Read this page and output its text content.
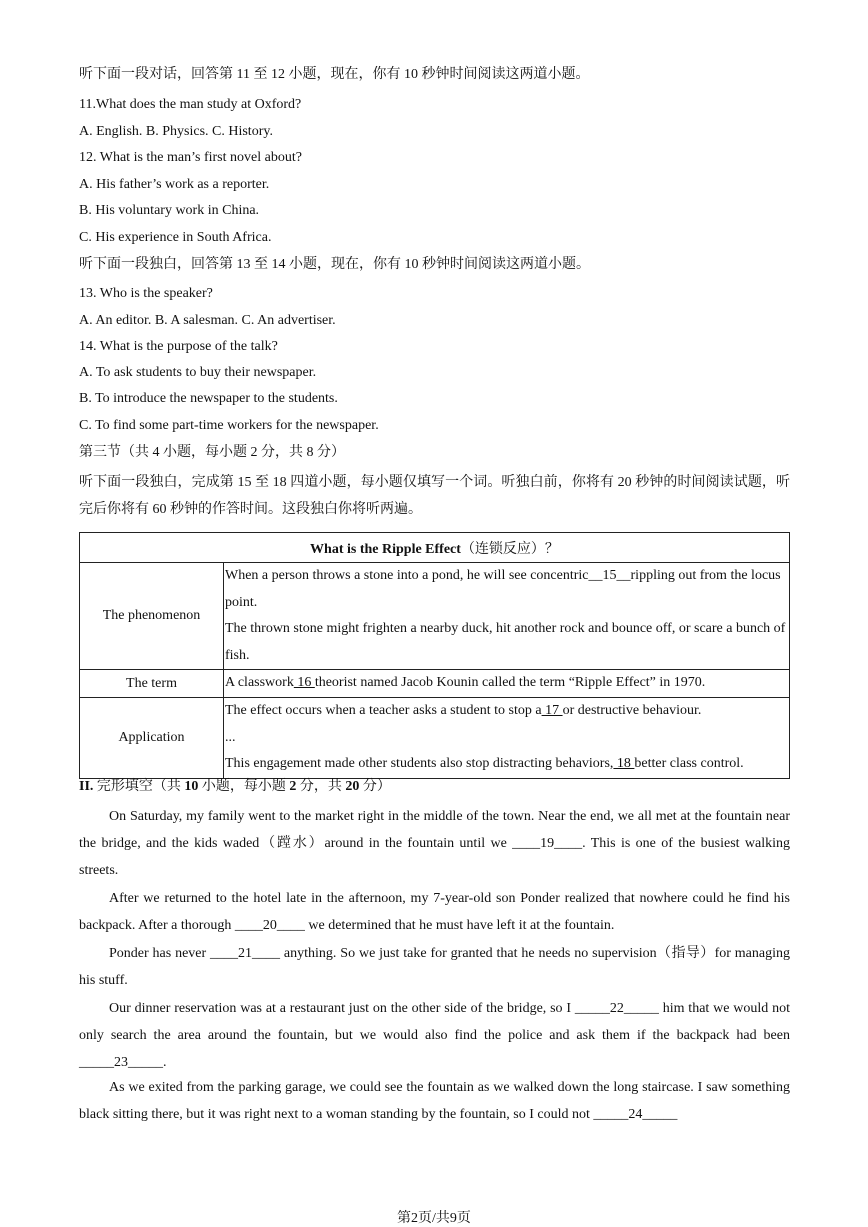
听下面一段对话，回答第 11 至 12 小题，现在，你有 10 秒钟时间阅读这两道小题。
11.What does the man study at Oxford?
A. English. B. Physics. C. History.
12. What is the man’s first novel about?
A. His father’s work as a reporter.
B. His voluntary work in China.
C. His experience in South Africa.
听下面一段独白，回答第 13 至 14 小题，现在，你有 10 秒钟时间阅读这两道小题。
13. Who is the speaker?
A. An editor. B. A salesman. C. An advertiser.
14. What is the purpose of the talk?
A. To ask students to buy their newspaper.
B. To introduce the newspaper to the students.
C. To find some part-time workers for the newspaper.
第三节（共 4 小题，每小题 2 分，共 8 分）
听下面一段独白，完成第 15 至 18 四道小题，每小题仅填写一个词。听独白前，你将有 20 秒钟的时间阅读试题，听完后你将有 60 秒钟的作答时间。这段独白你将听两遍。
What is the Ripple Effect（连锁反应）？	
The phenomenon	When a person throws a stone into a pond, he will see concentric__15__rippling out from the locus point.
The thrown stone might frighten a nearby duck, hit another rock and bounce off, or scare a bunch of fish.

The term	A classwork 16 theorist named Jacob Kounin called the term “Ripple Effect” in 1970.
Application	The effect occurs when a teacher asks a student to stop a 17 or destructive behaviour.
...
This engagement made other students also stop distracting behaviors, 18 better class control.
II. 完形填空（共 10 小题，每小题 2 分，共 20 分）
On Saturday, my family went to the market right in the middle of the town. Near the end, we all met at the fountain near the bridge, and the kids waded（蹚水）around in the fountain until we ____19____. This is one of the busiest walking streets.
After we returned to the hotel late in the afternoon, my 7-year-old son Ponder realized that nowhere could he find his backpack. After a thorough ____20____ we determined that he must have left it at the fountain.
Ponder has never ____21____ anything. So we just take for granted that he needs no supervision（指导）for managing his stuff.
Our dinner reservation was at a restaurant just on the other side of the bridge, so I _____22_____ him that we would not only search the area around the fountain, but we would also find the police and ask them if the backpack had been _____23_____.
As we exited from the parking garage, we could see the fountain as we walked down the long staircase. I saw something black sitting there, but it was right next to a woman standing by the fountain, so I could not _____24_____
第2页/共9页
